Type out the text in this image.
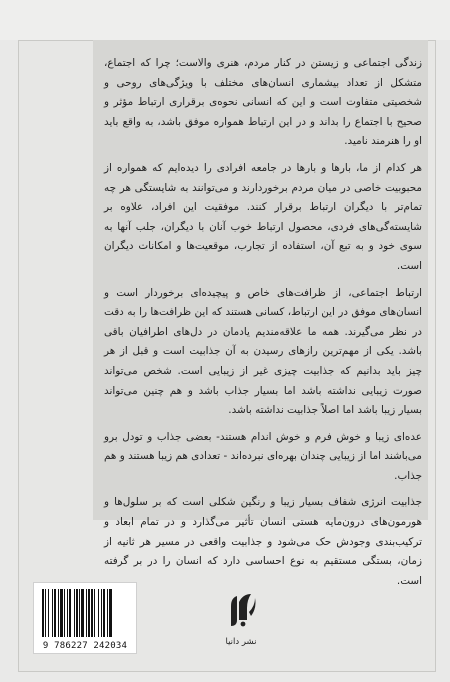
زندگی اجتماعی و زیستن در کنار مردم، هنری والاست؛ چرا که اجتماع، متشکل از تعداد بیشماری انسان‌های مختلف با ویژگی‌های روحی و شخصیتی متفاوت است و این که انسانی نحوه‌ی برقراری ارتباط مؤثر و صحیح با اجتماع را بداند و در این ارتباط همواره موفق باشد، به واقع باید او را هنرمند نامید.

هر کدام از ما، بارها و بارها در جامعه افرادی را دیده‌ایم که همواره از محبوبیت خاصی در میان مردم برخوردارند و می‌توانند به شایستگی هر چه تمام‌تر با دیگران ارتباط برقرار کنند. موفقیت این افراد، علاوه بر شایسته‌گی‌های فردی، محصول ارتباط خوب آنان با دیگران، جلب آنها به سوی خود و به تبع آن، استفاده از تجارب، موقعیت‌ها و امکانات دیگران است.

ارتباط اجتماعی، از ظرافت‌های خاص و پیچیده‌ای برخوردار است و انسان‌های موفق در این ارتباط، کسانی هستند که این ظرافت‌ها را به دقت در نظر می‌گیرند. همه ما علاقه‌مندیم یادمان در دل‌های اطرافیان باقی باشد. یکی از مهم‌ترین رازهای رسیدن به آن جذابیت است و قبل از هر چیز باید بدانیم که جذابیت چیزی غیر از زیبایی است. شخص می‌تواند صورت زیبایی نداشته باشد اما بسیار جذاب باشد و هم چنین می‌تواند بسیار زیبا باشد اما اصلاً جذابیت نداشته باشد.

عده‌ای زیبا و خوش فرم و خوش اندام هستند- بعضی جذاب و تودل برو می‌باشند اما از زیبایی چندان بهره‌ای نبرده‌اند - تعدادی هم زیبا هستند و هم جذاب.

جذابیت انرژی شفاف بسیار زیبا و رنگین شکلی است که بر سلول‌ها و هورمون‌های درون‌مایه هستی انسان تأثیر می‌گذارد و در تمام ابعاد و ترکیب‌بندی وجودش حک می‌شود و جذابیت واقعی در مسیر هر ثانیه از زمان، بستگی مستقیم به نوع احساسی دارد که انسان را در بر گرفته است.

9 786227 242034	نشر دانیا
